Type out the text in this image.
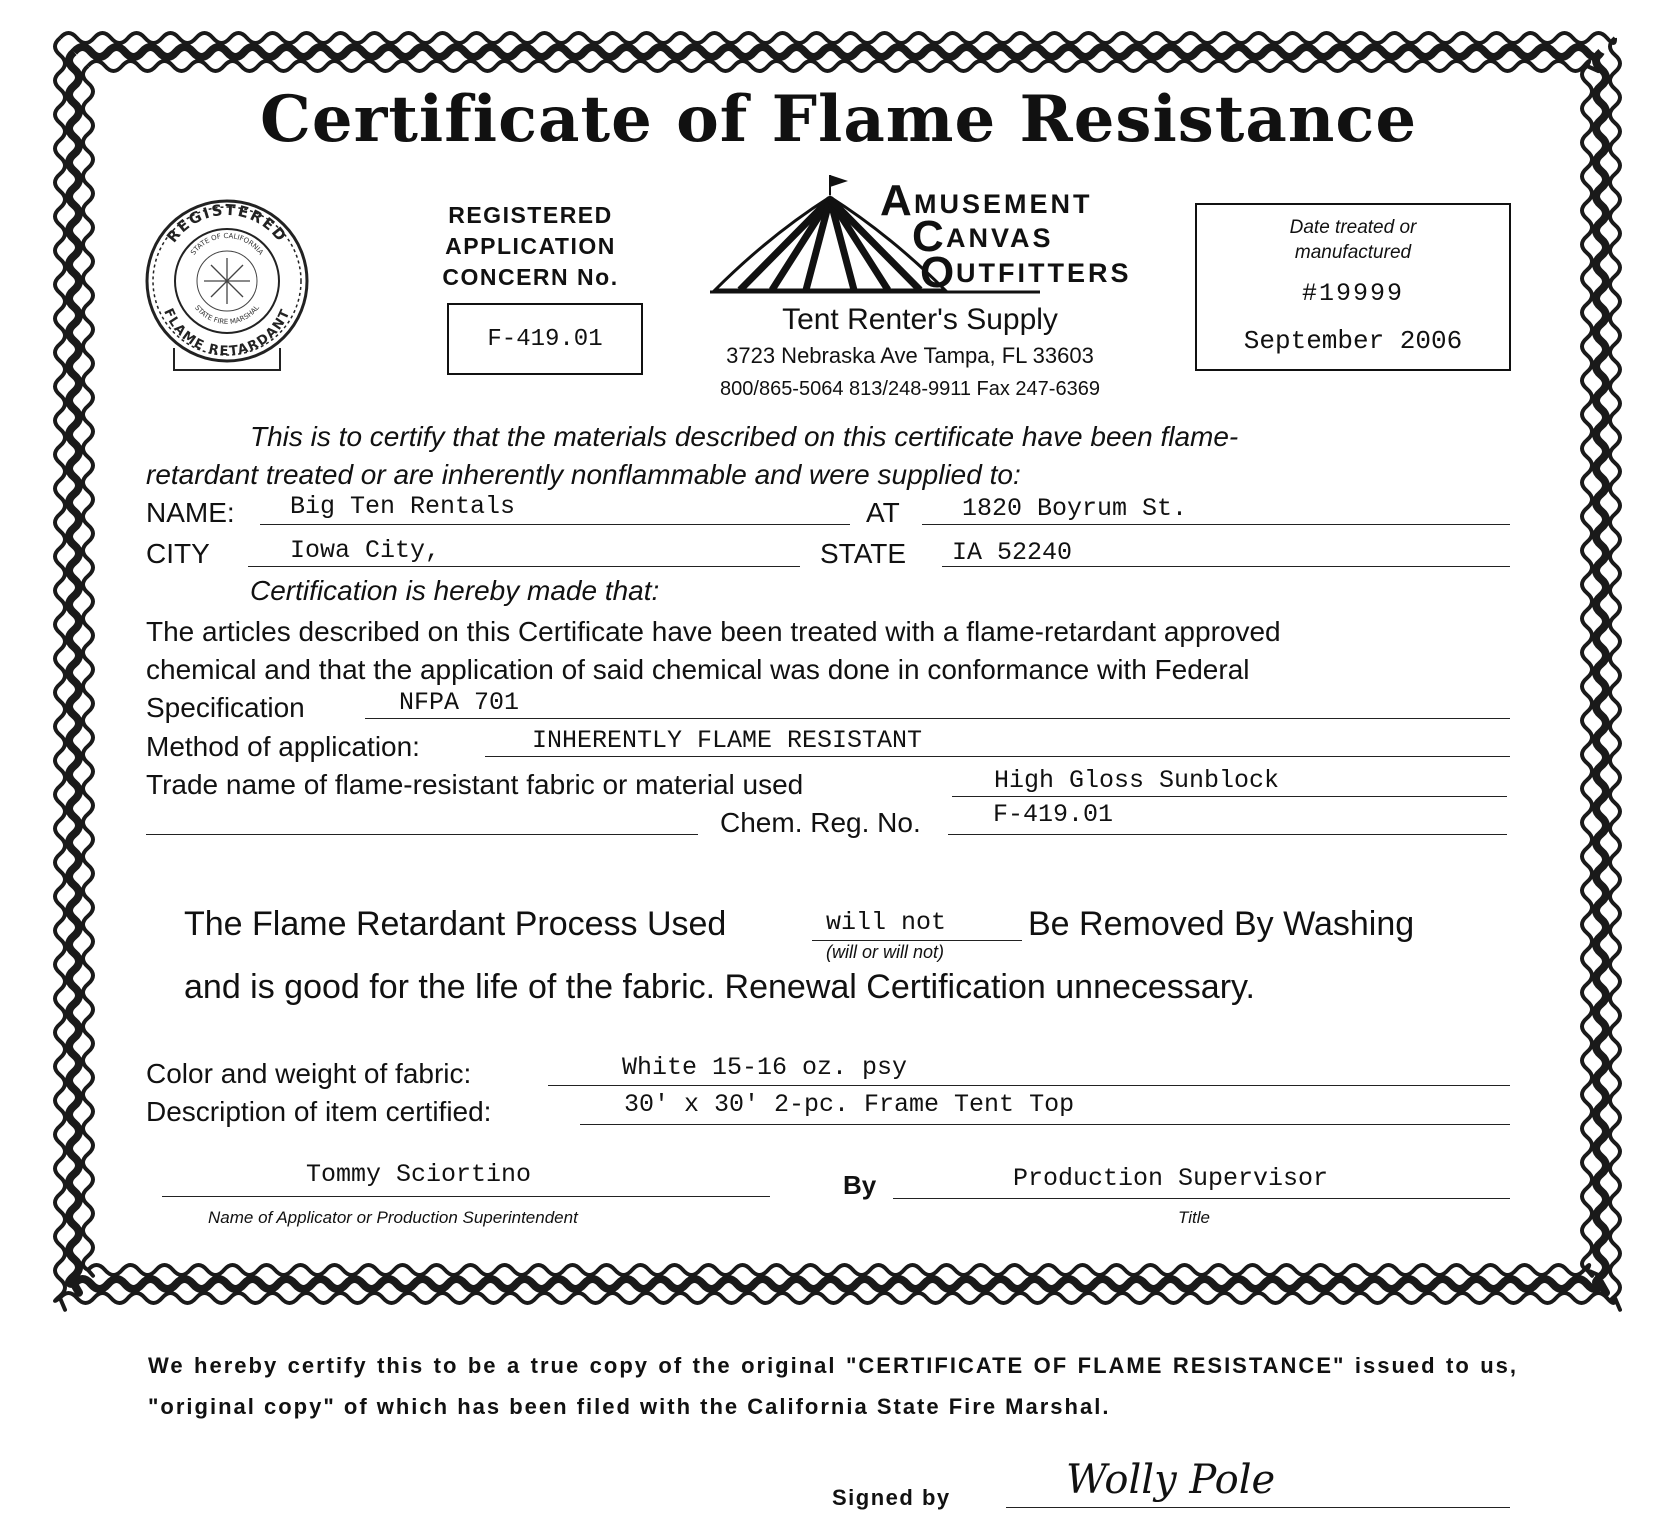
Certificate of Flame Resistance
REGISTERED
FLAME RETARDANT
STATE OF CALIFORNIA
STATE FIRE MARSHAL
REGISTERED
APPLICATION
CONCERN No.
F-419.01
A MUSEMENT
C ANVAS
O UTFITTERS
Tent Renter's Supply
3723 Nebraska Ave Tampa, FL 33603
800/865-5064 813/248-9911 Fax 247-6369
Date treated or
manufactured
#19999
September 2006
This is to certify that the materials described on this certificate have been flame-
retardant treated or are inherently nonflammable and were supplied to:
NAME: Big Ten Rentals	AT 1820 Boyrum St.
CITY	Iowa City,	STATE IA 52240
Certification is hereby made that:
The articles described on this Certificate have been treated with a flame-retardant approved
chemical and that the application of said chemical was done in conformance with Federal
Specification	NFPA 701
Method of application:	INHERENTLY FLAME RESISTANT
Trade name of flame-resistant fabric or material used	High Gloss Sunblock
Chem. Reg. No.	F-419.01
The Flame Retardant Process Used	will not
(will or will not)
Be Removed By Washing
and is good for the life of the fabric. Renewal Certification unnecessary.
Color and weight of fabric:	White 15-16 oz. psy
Description of item certified:	30' x 30' 2-pc. Frame Tent Top
Tommy Sciortino
Name of Applicator or Production Superintendent
By	Production Supervisor
Title
We hereby certify this to be a true copy of the original "CERTIFICATE OF FLAME RESISTANCE" issued to us, "original copy" of which has been filed with the California State Fire Marshal.
Signed by	Wolly Pole
